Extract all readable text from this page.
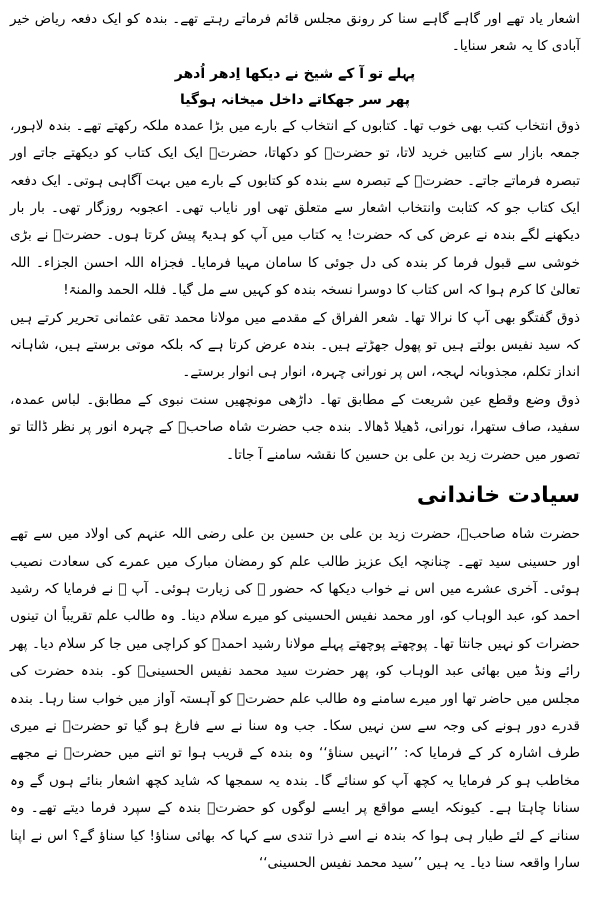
اشعار یاد تھے اور گاہے گاہے سنا کر رونق مجلس قائم فرماتے رہتے تھے۔ بندہ کو ایک دفعہ ریاض خیر آبادی کا یہ شعر سنایا۔

پہلے تو آ کے شیخ نے دیکھا اِدھر اُدھر

پھر سر جھکاتے داخل میخانہ ہوگیا

ذوق انتخاب کتب بھی خوب تھا۔ کتابوں کے انتخاب کے بارے میں بڑا عمدہ ملکہ رکھتے تھے۔ بندہ لاہور، جمعہ بازار سے کتابیں خرید لاتا، تو حضرتؒ کو دکھاتا، حضرتؒ ایک ایک کتاب کو دیکھتے جاتے اور تبصرہ فرماتے جاتے۔ حضرتؒ کے تبصرہ سے بندہ کو کتابوں کے بارے میں بہت آگاہی ہوتی۔ ایک دفعہ ایک کتاب جو کہ کتابت وانتخاب اشعار سے متعلق تھی اور نایاب تھی۔ اعجوبہ روزگار تھی۔ بار بار دیکھنے لگے بندہ نے عرض کی کہ حضرت! یہ کتاب میں آپ کو ہدیۃً پیش کرتا ہوں۔ حضرتؒ نے بڑی خوشی سے قبول فرما کر بندہ کی دل جوئی کا سامان مہیا فرمایا۔ فجزاہ اللہ احسن الجزاء۔ اللہ تعالیٰ کا کرم ہوا کہ اس کتاب کا دوسرا نسخہ بندہ کو کہیں سے مل گیا۔ فللہ الحمد والمنۃ!

ذوق گفتگو بھی آپ کا نرالا تھا۔ شعر الفراق کے مقدمے میں مولانا محمد تقی عثمانی تحریر کرتے ہیں کہ سید نفیس بولتے ہیں تو پھول جھڑتے ہیں۔ بندہ عرض کرتا ہے کہ بلکہ موتی برستے ہیں، شاہانہ انداز تکلم، مجذوبانہ لہجہ، اس پر نورانی چہرہ، انوار ہی انوار برستے۔

ذوق وضع وقطع عین شریعت کے مطابق تھا۔ داڑھی مونچھیں سنت نبوی کے مطابق۔ لباس عمدہ، سفید، صاف ستھرا، نورانی، ڈھیلا ڈھالا۔ بندہ جب حضرت شاہ صاحبؒ کے چہرہ انور پر نظر ڈالتا تو تصور میں حضرت زید بن علی بن حسین کا نقشہ سامنے آ جاتا۔

سیادت خاندانی

حضرت شاہ صاحبؒ، حضرت زید بن علی بن حسین بن علی رضی اللہ عنہم کی اولاد میں سے تھے اور حسینی سید تھے۔ چنانچہ ایک عزیز طالب علم کو رمضان مبارک میں عمرے کی سعادت نصیب ہوئی۔ آخری عشرے میں اس نے خواب دیکھا کہ حضور ﷺ کی زیارت ہوئی۔ آپ ﷺ نے فرمایا کہ رشید احمد کو، عبد الوہاب کو، اور محمد نفیس الحسینی کو میرے سلام دینا۔ وہ طالب علم تقریباً ان تینوں حضرات کو نہیں جانتا تھا۔ پوچھتے پوچھتے پہلے مولانا رشید احمدؒ کو کراچی میں جا کر سلام دیا۔ پھر رائے ونڈ میں بھائی عبد الوہاب کو، پھر حضرت سید محمد نفیس الحسینیؒ کو۔ بندہ حضرت کی مجلس میں حاضر تھا اور میرے سامنے وہ طالب علم حضرتؒ کو آہستہ آواز میں خواب سنا رہا۔ بندہ قدرے دور ہونے کی وجہ سے سن نہیں سکا۔ جب وہ سنا نے سے فارغ ہو گیا تو حضرتؒ نے میری طرف اشارہ کر کے فرمایا کہ: ’’انہیں سناؤ‘‘ وہ بندہ کے قریب ہوا تو اتنے میں حضرتؒ نے مجھے مخاطب ہو کر فرمایا یہ کچھ آپ کو سنائے گا۔ بندہ یہ سمجھا کہ شاید کچھ اشعار بنائے ہوں گے وہ سنانا چاہتا ہے۔ کیونکہ ایسے مواقع پر ایسے لوگوں کو حضرتؒ بندہ کے سپرد فرما دیتے تھے۔ وہ سنانے کے لئے طیار ہی ہوا کہ بندہ نے اسے ذرا تندی سے کہا کہ بھائی سناؤ! کیا سناؤ گے؟ اس نے اپنا سارا واقعہ سنا دیا۔ یہ ہیں ’’سید محمد نفیس الحسینی‘‘
